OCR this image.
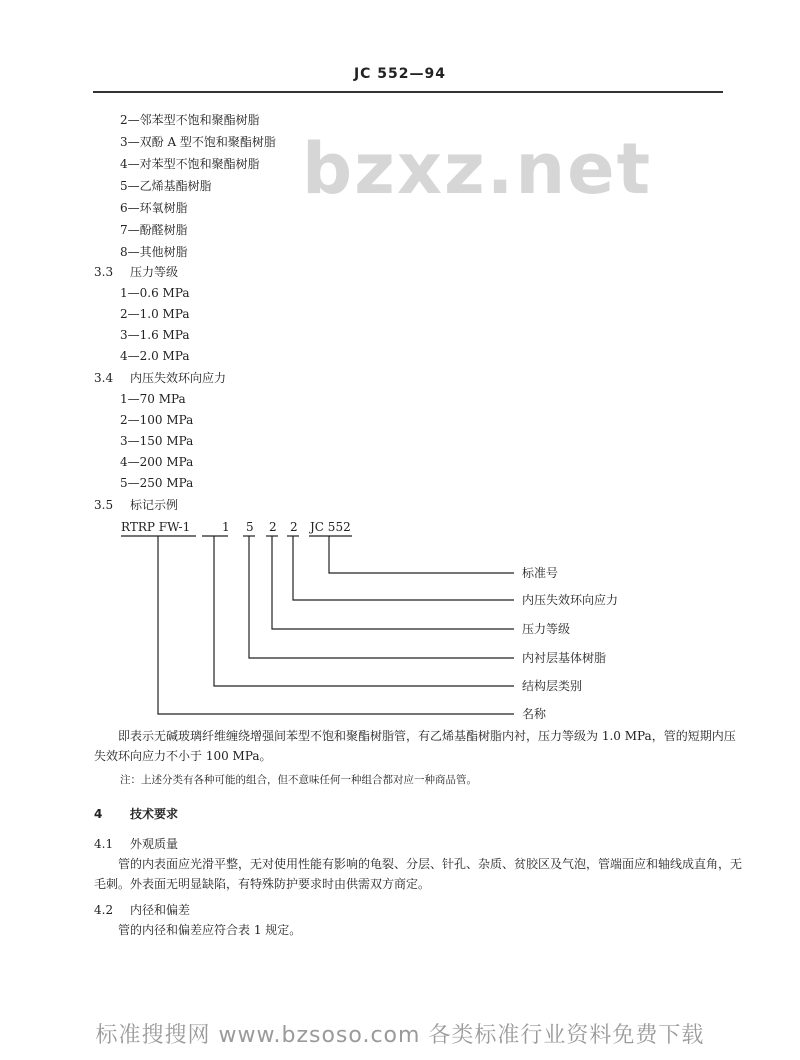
JC 552—94
bzxz.net
2—邻苯型不饱和聚酯树脂
3—双酚 A 型不饱和聚酯树脂
4—对苯型不饱和聚酯树脂
5—乙烯基酯树脂
6—环氧树脂
7—酚醛树脂
8—其他树脂
3.3 压力等级
1—0.6 MPa
2—1.0 MPa
3—1.6 MPa
4—2.0 MPa
3.4 内压失效环向应力
1—70 MPa
2—100 MPa
3—150 MPa
4—200 MPa
5—250 MPa
3.5 标记示例
RTRP FW-1	1 5 2 2 JC 552
标准号
内压失效环向应力
压力等级
内衬层基体树脂
结构层类别
名称
即表示无碱玻璃纤维缠绕增强间苯型不饱和聚酯树脂管，有乙烯基酯树脂内衬，压力等级为 1.0 MPa，管的短期内压失效环向应力不小于 100 MPa。
注：上述分类有各种可能的组合，但不意味任何一种组合都对应一种商品管。
4 技术要求
4.1 外观质量
管的内表面应光滑平整，无对使用性能有影响的龟裂、分层、针孔、杂质、贫胶区及气泡，管端面应和轴线成直角，无毛刺。外表面无明显缺陷，有特殊防护要求时由供需双方商定。
4.2 内径和偏差
管的内径和偏差应符合表 1 规定。
标准搜搜网 www.bzsoso.com 各类标准行业资料免费下载
